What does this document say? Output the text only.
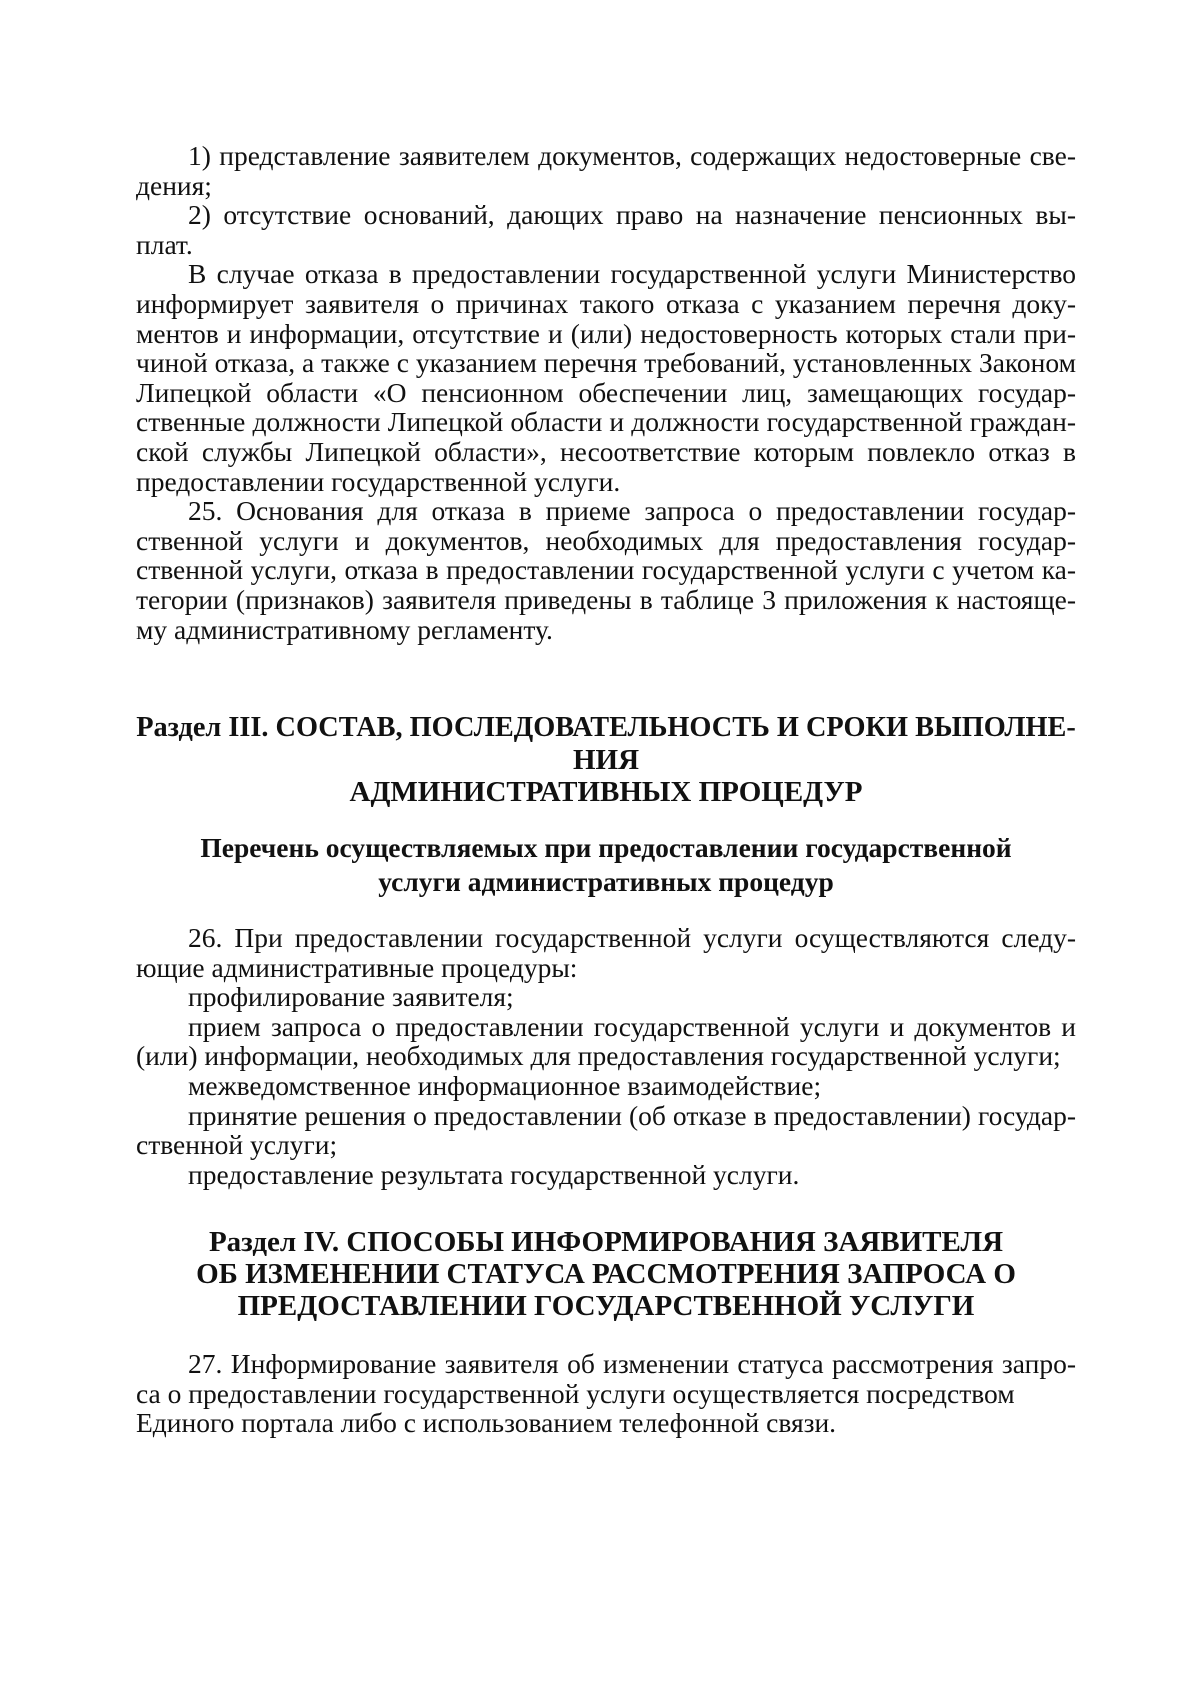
1) представление заявителем документов, содержащих недостоверные све-
дения;
2) отсутствие оснований, дающих право на назначение пенсионных вы-
плат.
В случае отказа в предоставлении государственной услуги Министерство
информирует заявителя о причинах такого отказа с указанием перечня доку-
ментов и информации, отсутствие и (или) недостоверность которых стали при-
чиной отказа, а также с указанием перечня требований, установленных Законом
Липецкой области «О пенсионном обеспечении лиц, замещающих государ-
ственные должности Липецкой области и должности государственной граждан-
ской службы Липецкой области», несоответствие которым повлекло отказ в
предоставлении государственной услуги.
25. Основания для отказа в приеме запроса о предоставлении государ-
ственной услуги и документов, необходимых для предоставления государ-
ственной услуги, отказа в предоставлении государственной услуги с учетом ка-
тегории (признаков) заявителя приведены в таблице 3 приложения к настояще-
му административному регламенту.
Раздел III. СОСТАВ, ПОСЛЕДОВАТЕЛЬНОСТЬ И СРОКИ ВЫПОЛНЕ-
НИЯ
АДМИНИСТРАТИВНЫХ ПРОЦЕДУР
Перечень осуществляемых при предоставлении государственной
услуги административных процедур
26. При предоставлении государственной услуги осуществляются следу-
ющие административные процедуры:
профилирование заявителя;
прием запроса о предоставлении государственной услуги и документов и
(или) информации, необходимых для предоставления государственной услуги;
межведомственное информационное взаимодействие;
принятие решения о предоставлении (об отказе в предоставлении) государ-
ственной услуги;
предоставление результата государственной услуги.
Раздел IV. СПОСОБЫ ИНФОРМИРОВАНИЯ ЗАЯВИТЕЛЯ
ОБ ИЗМЕНЕНИИ СТАТУСА РАССМОТРЕНИЯ ЗАПРОСА О
ПРЕДОСТАВЛЕНИИ ГОСУДАРСТВЕННОЙ УСЛУГИ
27. Информирование заявителя об изменении статуса рассмотрения запро-
са о предоставлении государственной услуги осуществляется посредством
Единого портала либо с использованием телефонной связи.
